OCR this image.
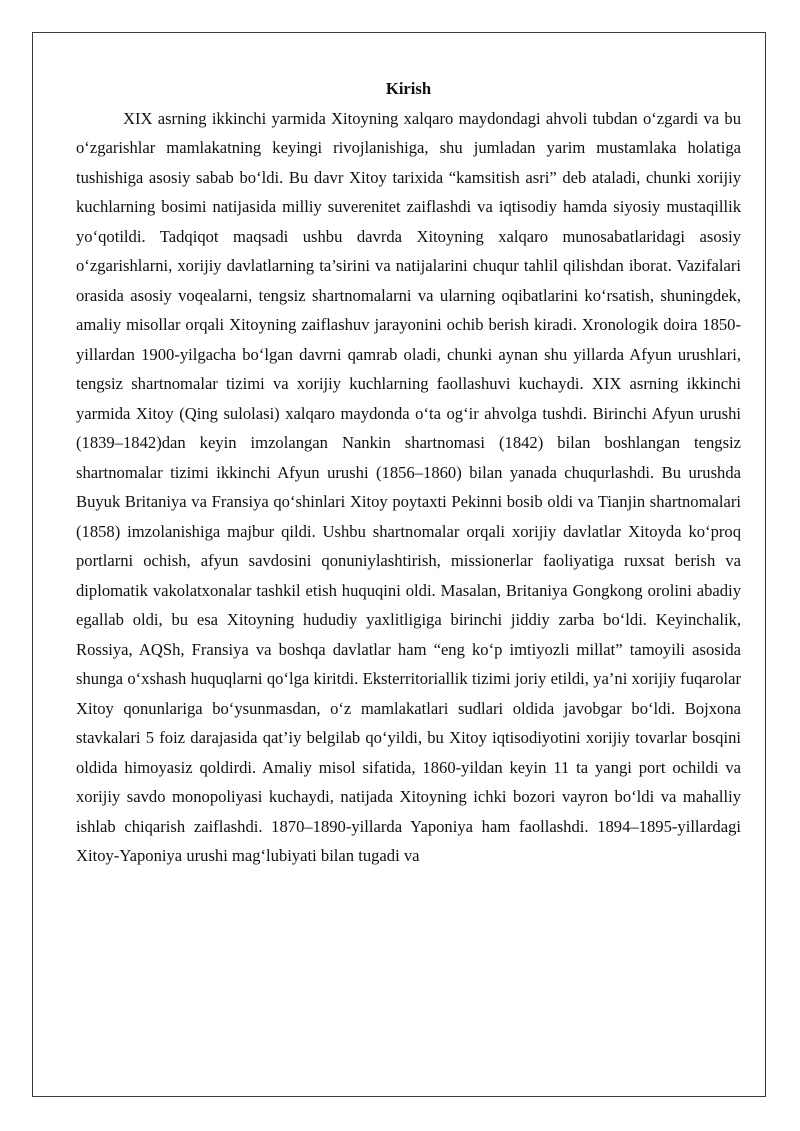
Kirish

XIX asrning ikkinchi yarmida Xitoyning xalqaro maydondagi ahvoli tubdan o‘zgardi va bu o‘zgarishlar mamlakatning keyingi rivojlanishiga, shu jumladan yarim mustamlaka holatiga tushishiga asosiy sabab bo‘ldi. Bu davr Xitoy tarixida “kamsitish asri” deb ataladi, chunki xorijiy kuchlarning bosimi natijasida milliy suverenitet zaiflashdi va iqtisodiy hamda siyosiy mustaqillik yo‘qotildi. Tadqiqot maqsadi ushbu davrda Xitoyning xalqaro munosabatlaridagi asosiy o‘zgarishlarni, xorijiy davlatlarning ta’sirini va natijalarini chuqur tahlil qilishdan iborat. Vazifalari orasida asosiy voqealarni, tengsiz shartnomalarni va ularning oqibatlarini ko‘rsatish, shuningdek, amaliy misollar orqali Xitoyning zaiflashuv jarayonini ochib berish kiradi. Xronologik doira 1850-yillardan 1900-yilgacha bo‘lgan davrni qamrab oladi, chunki aynan shu yillarda Afyun urushlari, tengsiz shartnomalar tizimi va xorijiy kuchlarning faollashuvi kuchaydi. XIX asrning ikkinchi yarmida Xitoy (Qing sulolasi) xalqaro maydonda o‘ta og‘ir ahvolga tushdi. Birinchi Afyun urushi (1839–1842)dan keyin imzolangan Nankin shartnomasi (1842) bilan boshlangan tengsiz shartnomalar tizimi ikkinchi Afyun urushi (1856–1860) bilan yanada chuqurlashdi. Bu urushda Buyuk Britaniya va Fransiya qo‘shinlari Xitoy poytaxti Pekinni bosib oldi va Tianjin shartnomalari (1858) imzolanishiga majbur qildi. Ushbu shartnomalar orqali xorijiy davlatlar Xitoyda ko‘proq portlarni ochish, afyun savdosini qonuniylashtirish, missionerlar faoliyatiga ruxsat berish va diplomatik vakolatxonalar tashkil etish huquqini oldi. Masalan, Britaniya Gongkong orolini abadiy egallab oldi, bu esa Xitoyning hududiy yaxlitligiga birinchi jiddiy zarba bo‘ldi. Keyinchalik, Rossiya, AQSh, Fransiya va boshqa davlatlar ham “eng ko‘p imtiyozli millat” tamoyili asosida shunga o‘xshash huquqlarni qo‘lga kiritdi. Eksterritoriallik tizimi joriy etildi, ya’ni xorijiy fuqarolar Xitoy qonunlariga bo‘ysunmasdan, o‘z mamlakatlari sudlari oldida javobgar bo‘ldi. Bojxona stavkalari 5 foiz darajasida qat’iy belgilab qo‘yildi, bu Xitoy iqtisodiyotini xorijiy tovarlar bosqini oldida himoyasiz qoldirdi. Amaliy misol sifatida, 1860-yildan keyin 11 ta yangi port ochildi va xorijiy savdo monopoliyasi kuchaydi, natijada Xitoyning ichki bozori vayron bo‘ldi va mahalliy ishlab chiqarish zaiflashdi. 1870–1890-yillarda Yaponiya ham faollashdi. 1894–1895-yillardagi Xitoy-Yaponiya urushi mag‘lubiyati bilan tugadi va
